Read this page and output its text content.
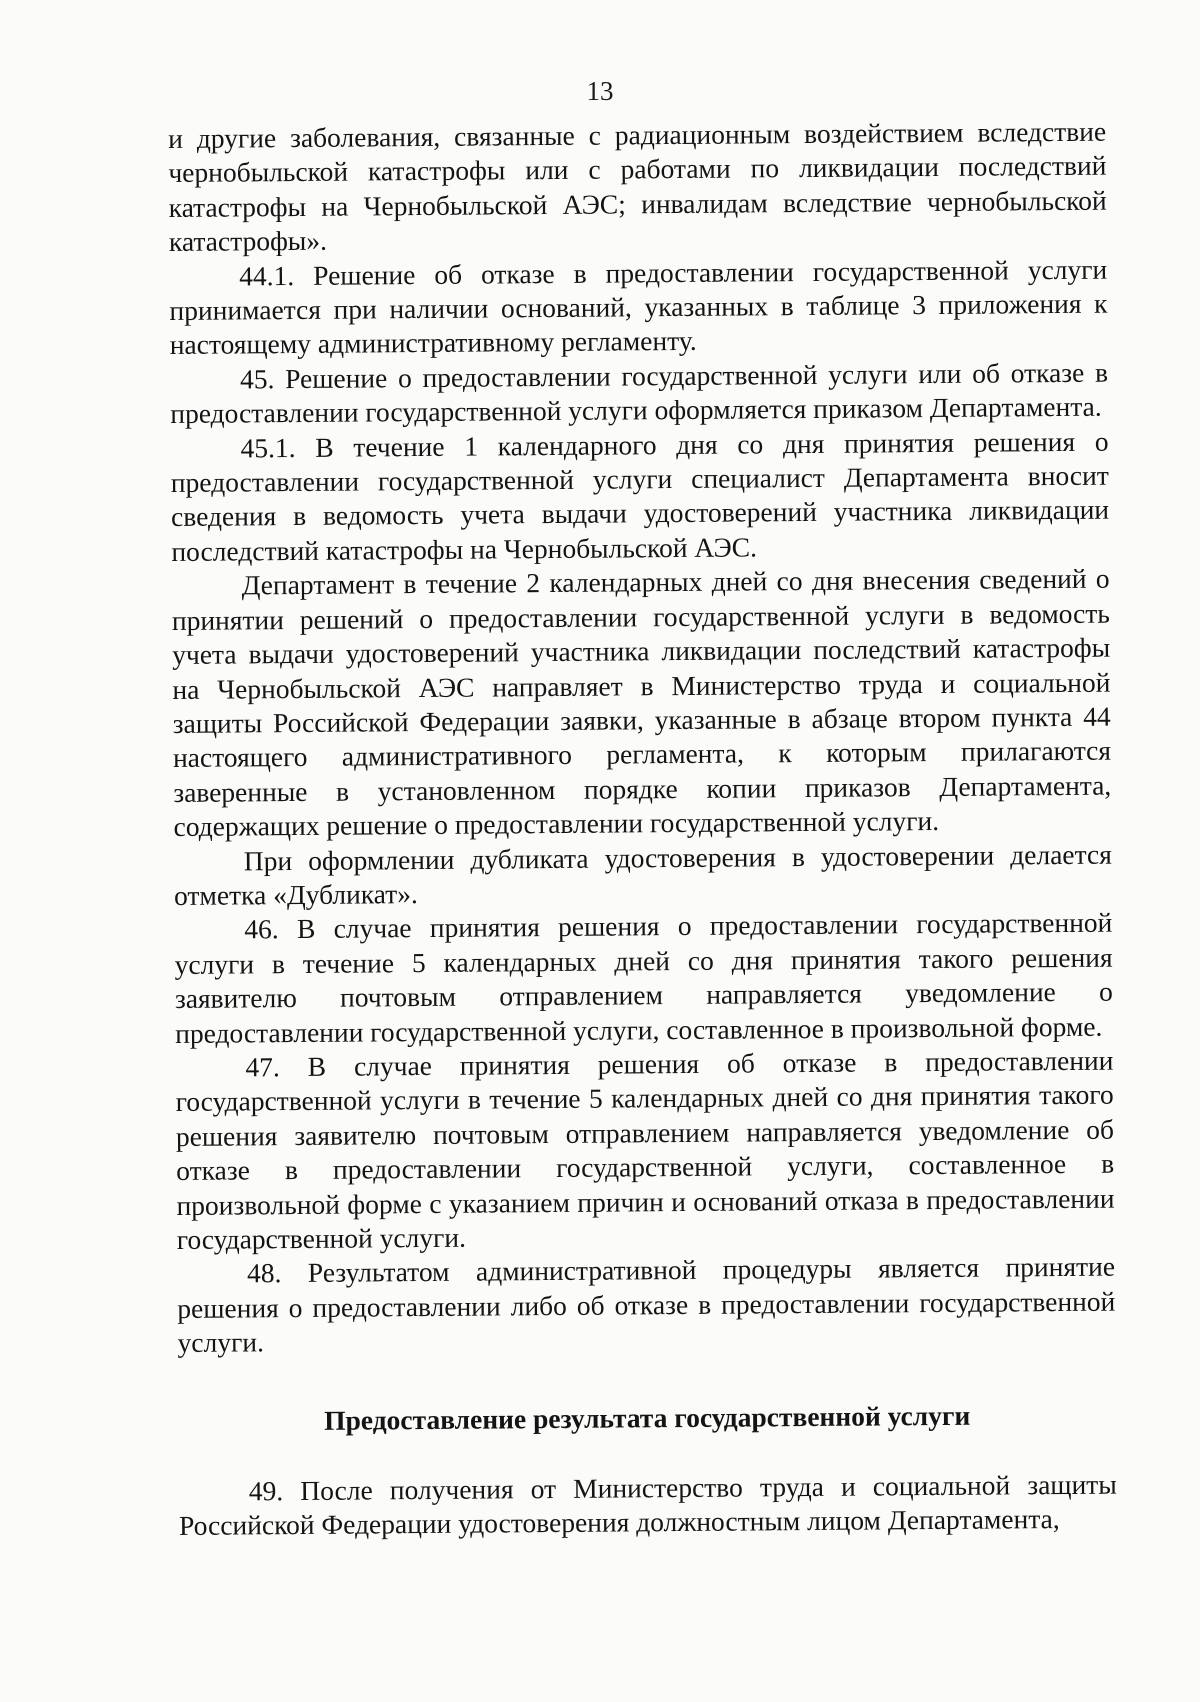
13

и другие заболевания, связанные с радиационным воздействием вследствие чернобыльской катастрофы или с работами по ликвидации последствий катастрофы на Чернобыльской АЭС; инвалидам вследствие чернобыльской катастрофы».

44.1. Решение об отказе в предоставлении государственной услуги принимается при наличии оснований, указанных в таблице 3 приложения к настоящему административному регламенту.

45. Решение о предоставлении государственной услуги или об отказе в предоставлении государственной услуги оформляется приказом Департамента.

45.1. В течение 1 календарного дня со дня принятия решения о предоставлении государственной услуги специалист Департамента вносит сведения в ведомость учета выдачи удостоверений участника ликвидации последствий катастрофы на Чернобыльской АЭС.

Департамент в течение 2 календарных дней со дня внесения сведений о принятии решений о предоставлении государственной услуги в ведомость учета выдачи удостоверений участника ликвидации последствий катастрофы на Чернобыльской АЭС направляет в Министерство труда и социальной защиты Российской Федерации заявки, указанные в абзаце втором пункта 44 настоящего административного регламента, к которым прилагаются заверенные в установленном порядке копии приказов Департамента, содержащих решение о предоставлении государственной услуги.

При оформлении дубликата удостоверения в удостоверении делается отметка «Дубликат».

46. В случае принятия решения о предоставлении государственной услуги в течение 5 календарных дней со дня принятия такого решения заявителю почтовым отправлением направляется уведомление о предоставлении государственной услуги, составленное в произвольной форме.

47. В случае принятия решения об отказе в предоставлении государственной услуги в течение 5 календарных дней со дня принятия такого решения заявителю почтовым отправлением направляется уведомление об отказе в предоставлении государственной услуги, составленное в произвольной форме с указанием причин и оснований отказа в предоставлении государственной услуги.

48. Результатом административной процедуры является принятие решения о предоставлении либо об отказе в предоставлении государственной услуги.

Предоставление результата государственной услуги

49. После получения от Министерство труда и социальной защиты Российской Федерации удостоверения должностным лицом Департамента,
